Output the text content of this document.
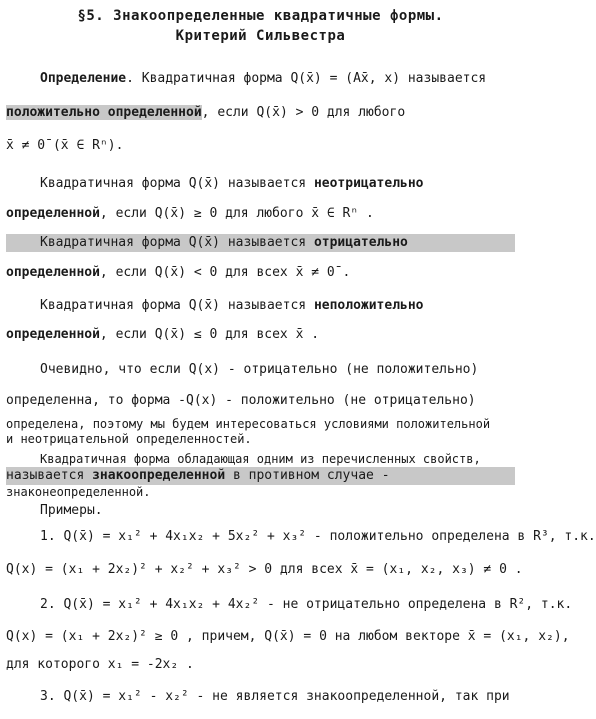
§5. Знакоопределенные квадратичные формы.
Критерий Сильвестра
Определение. Квадратичная форма Q(x̄) = (Ax̄, x) называется
положительно определенной, если Q(x̄) > 0 для любого
x̄ ≠ 0̄ (x̄ ∈ Rⁿ).
Квадратичная форма Q(x̄) называется неотрицательно
определенной, если Q(x̄) ≥ 0 для любого x̄ ∈ Rⁿ .
Квадратичная форма Q(x̄) называется отрицательно
определенной, если Q(x̄) < 0 для всех x̄ ≠ 0̄ .
Квадратичная форма Q(x̄) называется неположительно
определенной, если Q(x̄) ≤ 0 для всех x̄ .
Очевидно, что если Q(x) - отрицательно (не положительно)
определенна, то форма -Q(x) - положительно (не отрицательно)
определена, поэтому мы будем интересоваться условиями положительной
и неотрицательной определенностей.
Квадратичная форма обладающая одним из перечисленных свойств,
называется знакоопределенной в противном случае -
знаконеопределенной.
Примеры.
1. Q(x̄) = x₁² + 4x₁x₂ + 5x₂² + x₃² - положительно определена в R³, т.к.
Q(x) = (x₁ + 2x₂)² + x₂² + x₃² > 0 для всех x̄ = (x₁, x₂, x₃) ≠ 0 .
2. Q(x̄) = x₁² + 4x₁x₂ + 4x₂² - не отрицательно определена в R², т.к.
Q(x) = (x₁ + 2x₂)² ≥ 0 , причем, Q(x̄) = 0 на любом векторе x̄ = (x₁, x₂),
для которого x₁ = -2x₂ .
3. Q(x̄) = x₁² - x₂² - не является знакоопределенной, так при
